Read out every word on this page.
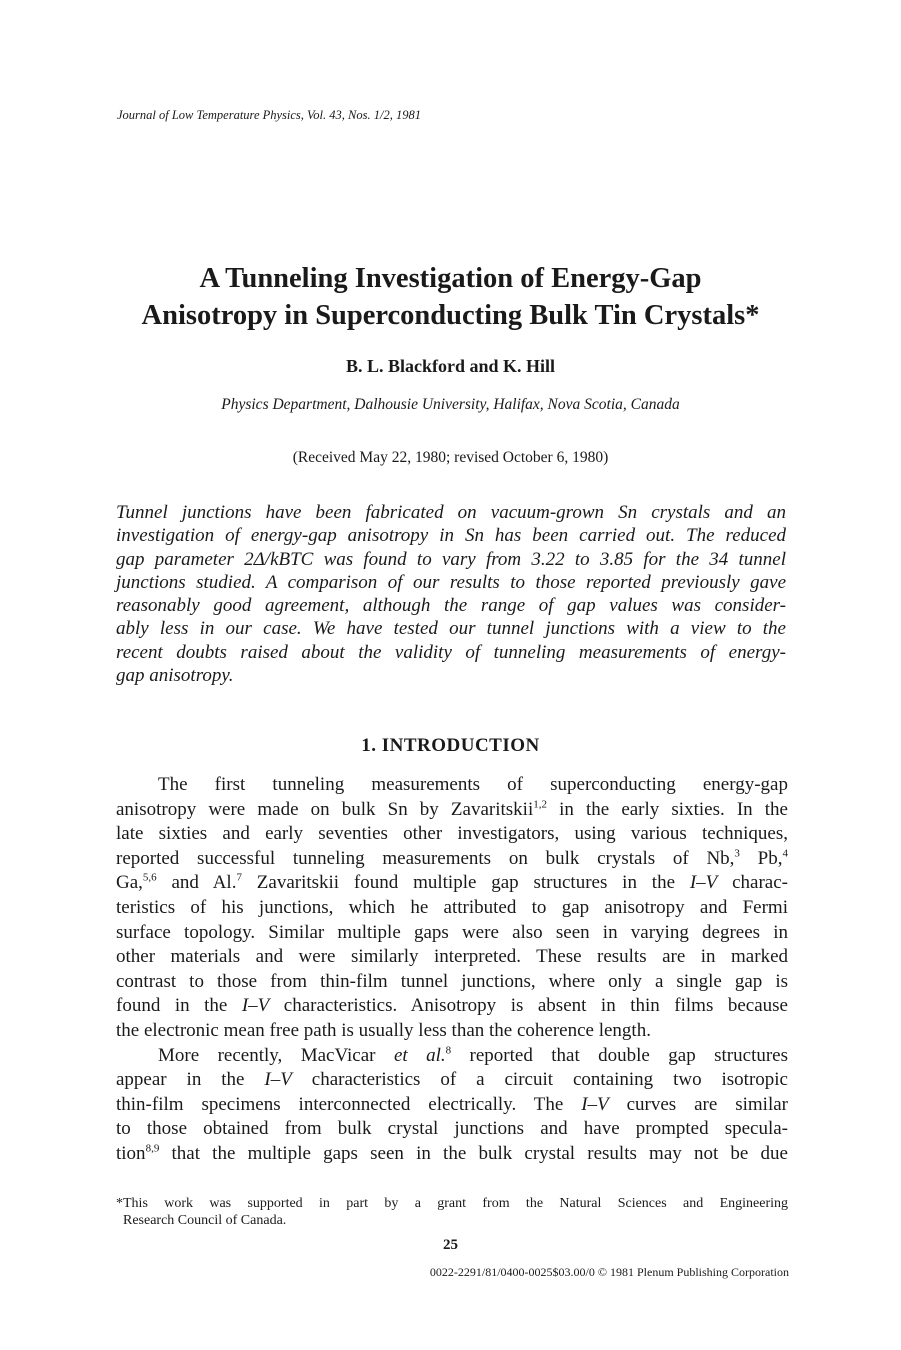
Journal of Low Temperature Physics, Vol. 43, Nos. 1/2, 1981
A Tunneling Investigation of Energy-Gap
Anisotropy in Superconducting Bulk Tin Crystals*
B. L. Blackford and K. Hill
Physics Department, Dalhousie University, Halifax, Nova Scotia, Canada
(Received May 22, 1980; revised October 6, 1980)
Tunnel junctions have been fabricated on vacuum-grown Sn crystals and an
investigation of energy-gap anisotropy in Sn has been carried out. The reduced
gap parameter 2Δ/kBTC was found to vary from 3.22 to 3.85 for the 34 tunnel
junctions studied. A comparison of our results to those reported previously gave
reasonably good agreement, although the range of gap values was consider-
ably less in our case. We have tested our tunnel junctions with a view to the
recent doubts raised about the validity of tunneling measurements of energy-
gap anisotropy.
1. INTRODUCTION
The first tunneling measurements of superconducting energy-gap
anisotropy were made on bulk Sn by Zavaritskii$^{1,2}$ in the early sixties. In the
late sixties and early seventies other investigators, using various techniques,
reported successful tunneling measurements on bulk crystals of Nb,$^3$ Pb,$^4$
Ga,$^{5,6}$ and Al.$^7$ Zavaritskii found multiple gap structures in the I–V charac-
teristics of his junctions, which he attributed to gap anisotropy and Fermi
surface topology. Similar multiple gaps were also seen in varying degrees in
other materials and were similarly interpreted. These results are in marked
contrast to those from thin-film tunnel junctions, where only a single gap is
found in the I–V characteristics. Anisotropy is absent in thin films because
the electronic mean free path is usually less than the coherence length.
More recently, MacVicar et al.$^8$ reported that double gap structures
appear in the I–V characteristics of a circuit containing two isotropic
thin-film specimens interconnected electrically. The I–V curves are similar
to those obtained from bulk crystal junctions and have prompted specula-
tion$^{8,9}$ that the multiple gaps seen in the bulk crystal results may not be due
*This work was supported in part by a grant from the Natural Sciences and Engineering
Research Council of Canada.
25
0022-2291/81/0400-0025$03.00/0 © 1981 Plenum Publishing Corporation
